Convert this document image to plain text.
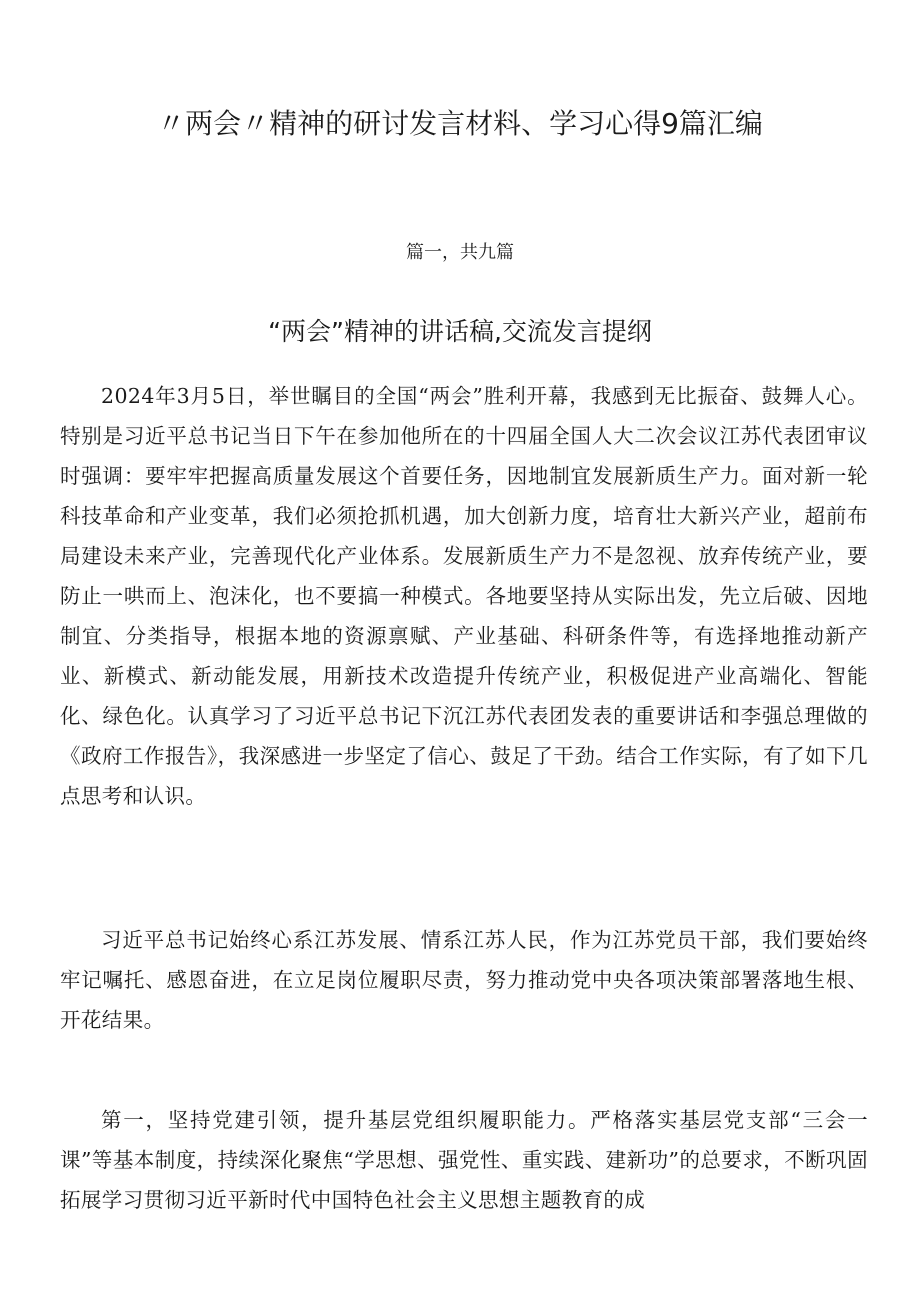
〃两会〃精神的研讨发言材料、学习心得9篇汇编
篇一，共九篇
“两会”精神的讲话稿,交流发言提纲

2024年3月5日，举世瞩目的全国“两会”胜利开幕，我感到无比振奋、鼓舞人心。特别是习近平总书记当日下午在参加他所在的十四届全国人大二次会议江苏代表团审议时强调：要牢牢把握高质量发展这个首要任务，因地制宜发展新质生产力。面对新一轮科技革命和产业变革，我们必须抢抓机遇，加大创新力度，培育壮大新兴产业，超前布局建设未来产业，完善现代化产业体系。发展新质生产力不是忽视、放弃传统产业，要防止一哄而上、泡沫化，也不要搞一种模式。各地要坚持从实际出发，先立后破、因地制宜、分类指导，根据本地的资源禀赋、产业基础、科研条件等，有选择地推动新产业、新模式、新动能发展，用新技术改造提升传统产业，积极促进产业高端化、智能化、绿色化。认真学习了习近平总书记下沉江苏代表团发表的重要讲话和李强总理做的《政府工作报告》，我深感进一步坚定了信心、鼓足了干劲。结合工作实际，有了如下几点思考和认识。

习近平总书记始终心系江苏发展、情系江苏人民，作为江苏党员干部，我们要始终牢记嘱托、感恩奋进，在立足岗位履职尽责，努力推动党中央各项决策部署落地生根、开花结果。

第一，坚持党建引领，提升基层党组织履职能力。严格落实基层党支部“三会一课”等基本制度，持续深化聚焦“学思想、强党性、重实践、建新功”的总要求，不断巩固拓展学习贯彻习近平新时代中国特色社会主义思想主题教育的成
